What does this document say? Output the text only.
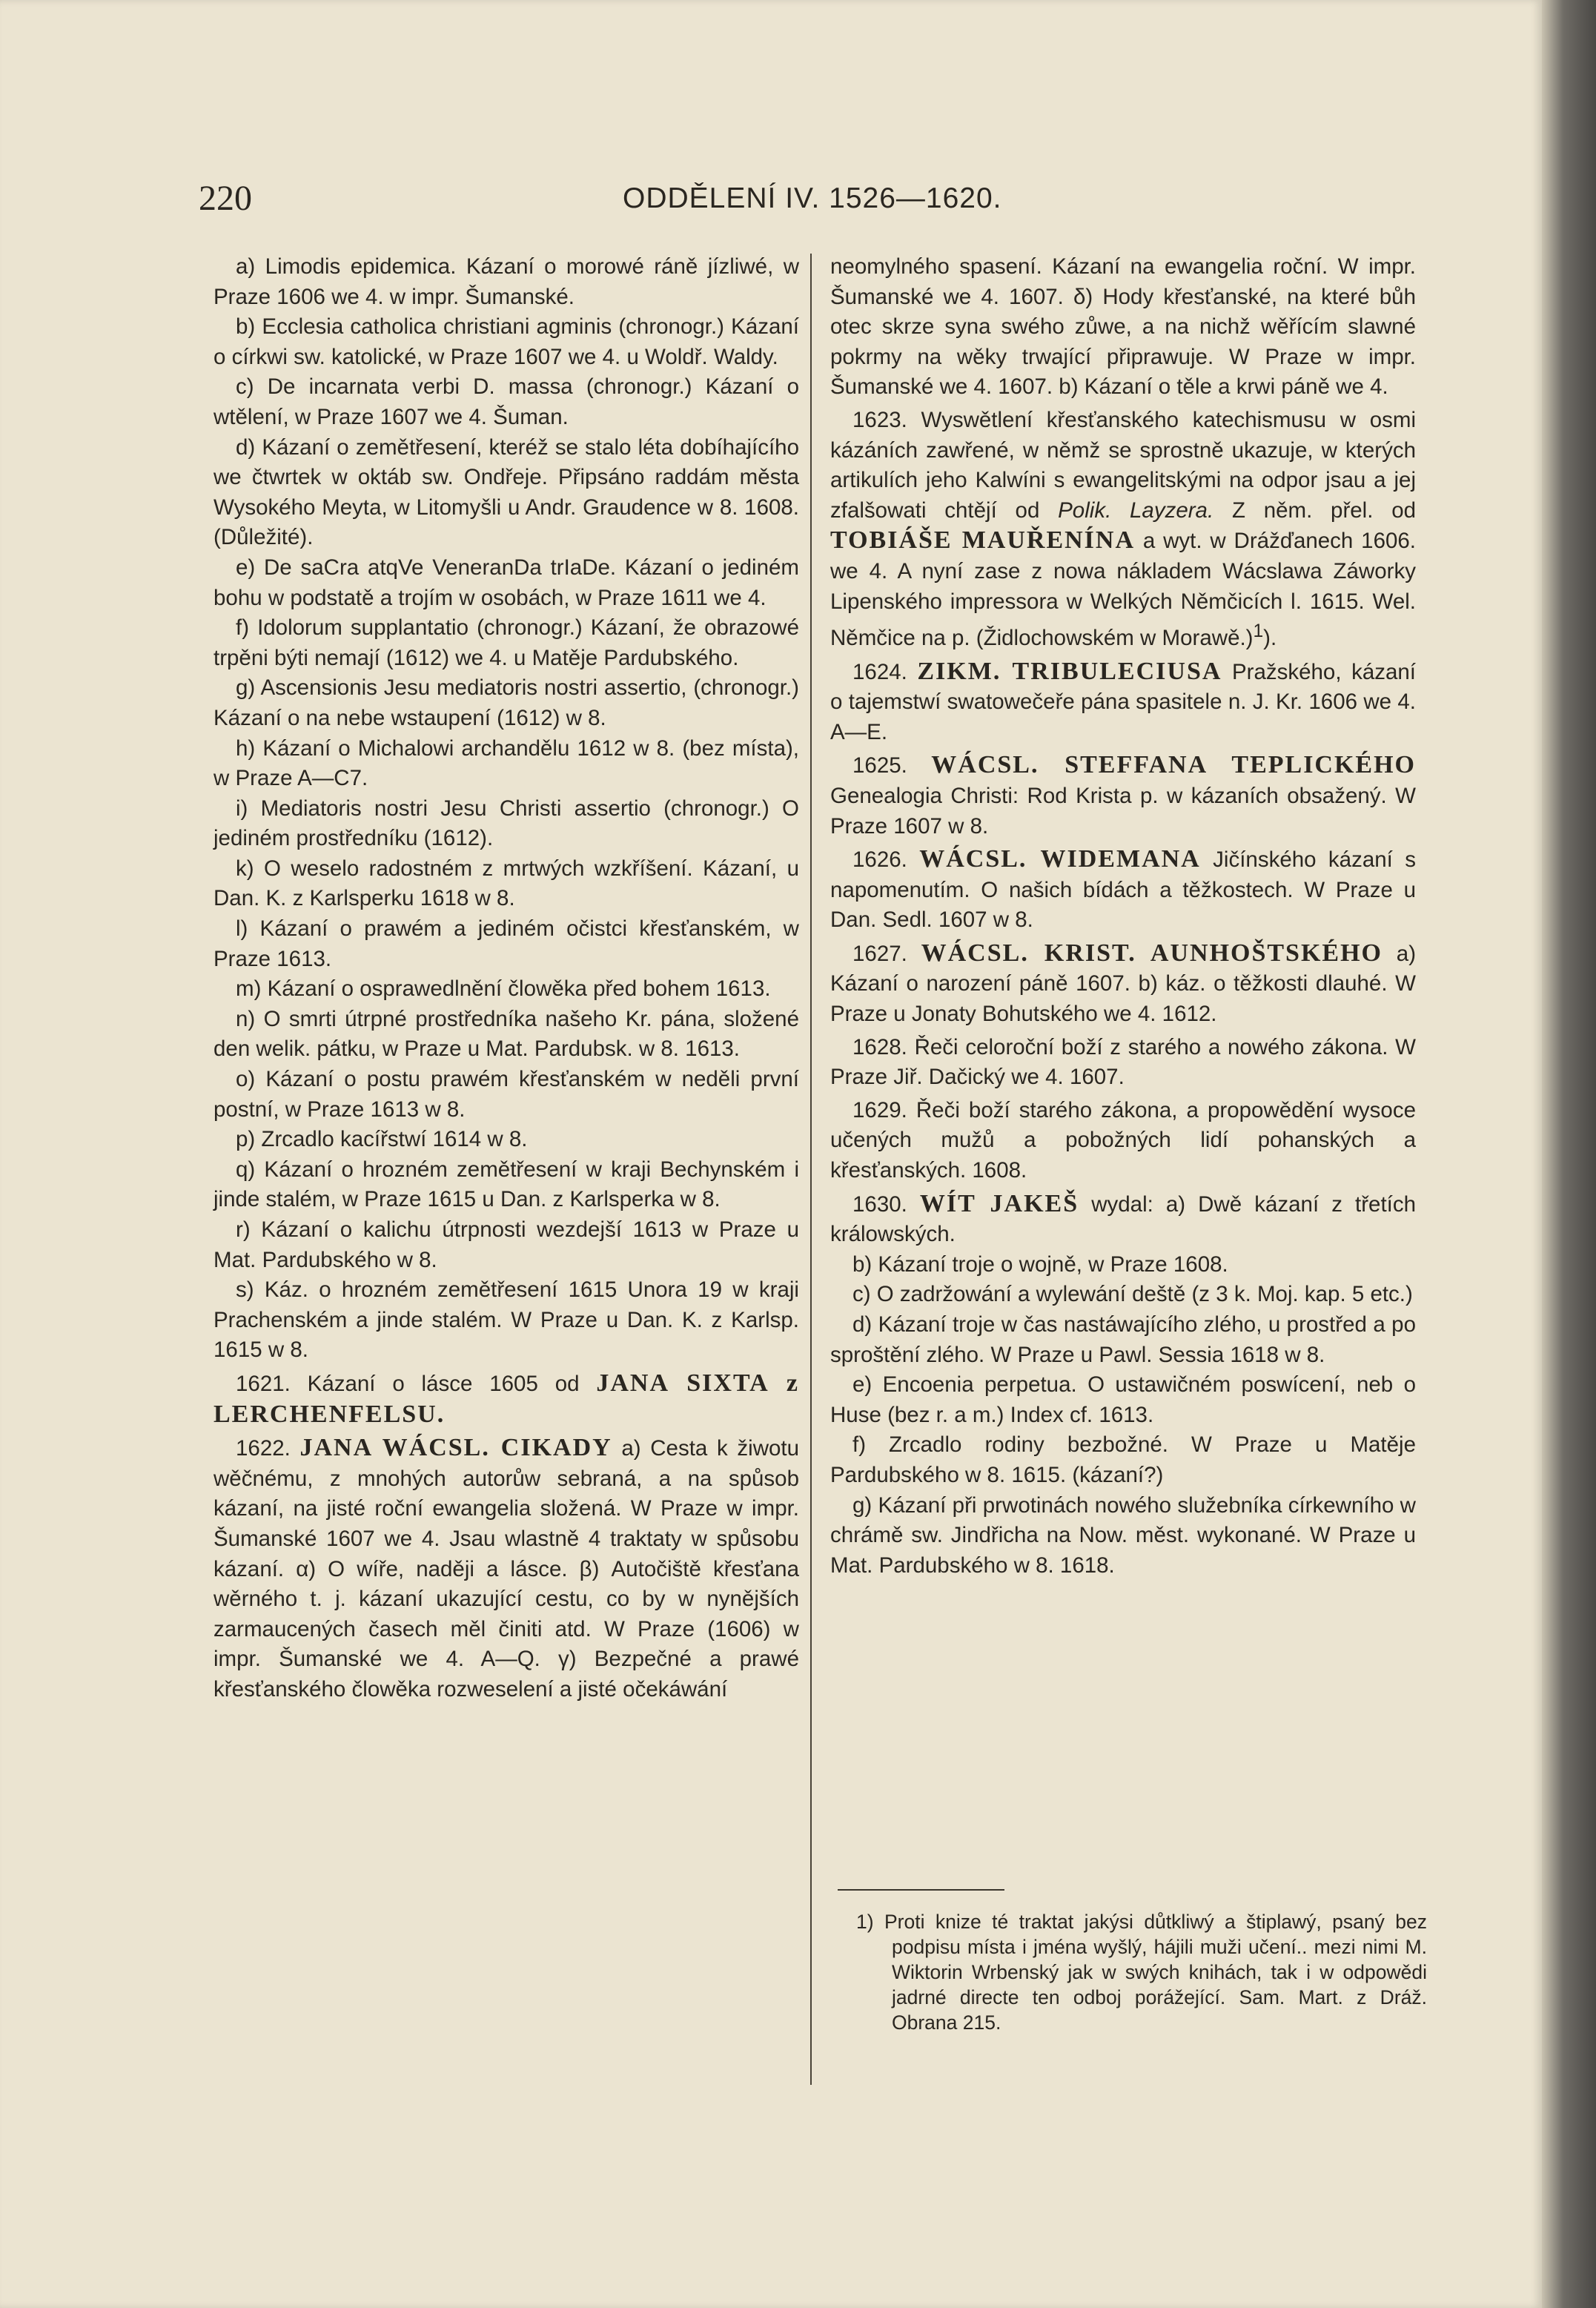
220	ODDĚLENÍ IV. 1526—1620.

a) Limodis epidemica. Kázaní o morowé ráně jízliwé, w Praze 1606 we 4. w impr. Šumanské.

b) Ecclesia catholica christiani agminis (chronogr.) Kázaní o církwi sw. katolické, w Praze 1607 we 4. u Woldř. Waldy.

c) De incarnata verbi D. massa (chronogr.) Kázaní o wtělení, w Praze 1607 we 4. Šuman.

d) Kázaní o zemětřesení, kteréž se stalo léta dobíhajícího we čtwrtek w oktáb sw. Ondřeje. Připsáno raddám města Wysokého Meyta, w Litomyšli u Andr. Graudence w 8. 1608. (Důležité).

e) De saCra atqVe VeneranDa trIaDe. Kázaní o jediném bohu w podstatě a trojím w osobách, w Praze 1611 we 4.

f) Idolorum supplantatio (chronogr.) Kázaní, že obrazowé trpěni býti nemají (1612) we 4. u Matěje Pardubského.

g) Ascensionis Jesu mediatoris nostri assertio, (chronogr.) Kázaní o na nebe wstaupení (1612) w 8.

h) Kázaní o Michalowi archandělu 1612 w 8. (bez místa), w Praze A—C7.

i) Mediatoris nostri Jesu Christi assertio (chronogr.) O jediném prostředníku (1612).

k) O weselo radostném z mrtwých wzkříšení. Kázaní, u Dan. K. z Karlsperku 1618 w 8.

l) Kázaní o prawém a jediném očistci křesťanském, w Praze 1613.

m) Kázaní o osprawedlnění člowěka před bohem 1613.

n) O smrti útrpné prostředníka našeho Kr. pána, složené den welik. pátku, w Praze u Mat. Pardubsk. w 8. 1613.

o) Kázaní o postu prawém křesťanském w neděli první postní, w Praze 1613 w 8.

p) Zrcadlo kacířstwí 1614 w 8.

q) Kázaní o hrozném zemětřesení w kraji Bechynském i jinde stalém, w Praze 1615 u Dan. z Karlsperka w 8.

r) Kázaní o kalichu útrpnosti wezdejší 1613 w Praze u Mat. Pardubského w 8.

s) Káz. o hrozném zemětřesení 1615 Unora 19 w kraji Prachenském a jinde stalém. W Praze u Dan. K. z Karlsp. 1615 w 8.

1621. Kázaní o lásce 1605 od JANA SIXTA z LERCHENFELSU.

1622. JANA WÁCSL. CIKADY a) Cesta k žiwotu wěčnému, z mnohých autorůw sebraná, a na spůsob kázaní, na jisté roční ewangelia složená. W Praze w impr. Šumanské 1607 we 4. Jsau wlastně 4 traktaty w spůsobu kázaní. α) O wíře, naději a lásce. β) Autočiště křesťana wěrného t. j. kázaní ukazující cestu, co by w nynějších zarmaucených časech měl činiti atd. W Praze (1606) w impr. Šumanské we 4. A—Q. γ) Bezpečné a prawé křesťanského člowěka rozweselení a jisté očekáwání

neomylného spasení. Kázaní na ewangelia roční. W impr. Šumanské we 4. 1607. δ) Hody křesťanské, na které bůh otec skrze syna swého zůwe, a na nichž wěřícím slawné pokrmy na wěky trwající připrawuje. W Praze w impr. Šumanské we 4. 1607. b) Kázaní o těle a krwi páně we 4.

1623. Wyswětlení křesťanského katechismusu w osmi kázáních zawřené, w němž se sprostně ukazuje, w kterých artikulích jeho Kalwíni s ewangelitskými na odpor jsau a jej zfalšowati chtějí od Polik. Layzera. Z něm. přel. od TOBIÁŠE MAUŘENÍNA a wyt. w Drážďanech 1606. we 4. A nyní zase z nowa nákladem Wácslawa Záworky Lipenského impressora w Welkých Němčicích l. 1615. Wel. Němčice na p. (Židlochowském w Morawě.)$^1$).

1624. ZIKM. TRIBULECIUSA Pražského, kázaní o tajemstwí swatowečeře pána spasitele n. J. Kr. 1606 we 4. A—E.

1625. WÁCSL. STEFFANA TEPLICKÉHO Genealogia Christi: Rod Krista p. w kázaních obsažený. W Praze 1607 w 8.

1626. WÁCSL. WIDEMANA Jičínského kázaní s napomenutím. O našich bídách a těžkostech. W Praze u Dan. Sedl. 1607 w 8.

1627. WÁCSL. KRIST. AUNHOŠTSKÉHO a) Kázaní o narození páně 1607. b) káz. o těžkosti dlauhé. W Praze u Jonaty Bohutského we 4. 1612.

1628. Řeči celoroční boží z starého a nowého zákona. W Praze Jiř. Dačický we 4. 1607.

1629. Řeči boží starého zákona, a propowědění wysoce učených mužů a pobožných lidí pohanských a křesťanských. 1608.

1630. WÍT JAKEŠ wydal: a) Dwě kázaní z třetích králowských.

b) Kázaní troje o wojně, w Praze 1608.

c) O zadržowání a wylewání deště (z 3 k. Moj. kap. 5 etc.)

d) Kázaní troje w čas nastáwajícího zlého, u prostřed a po sproštění zlého. W Praze u Pawl. Sessia 1618 w 8.

e) Encoenia perpetua. O ustawičném poswícení, neb o Huse (bez r. a m.) Index cf. 1613.

f) Zrcadlo rodiny bezbožné. W Praze u Matěje Pardubského w 8. 1615. (kázaní?)

g) Kázaní při prwotinách nowého služebníka církewního w chrámě sw. Jindřicha na Now. měst. wykonané. W Praze u Mat. Pardubského w 8. 1618.

1) Proti knize té traktat jakýsi důtkliwý a štiplawý, psaný bez podpisu místa i jména wyšlý, hájili muži učení.. mezi nimi M. Wiktorin Wrbenský jak w swých knihách, tak i w odpowědi jadrné directe ten odboj porážející. Sam. Mart. z Dráž. Obrana 215.
